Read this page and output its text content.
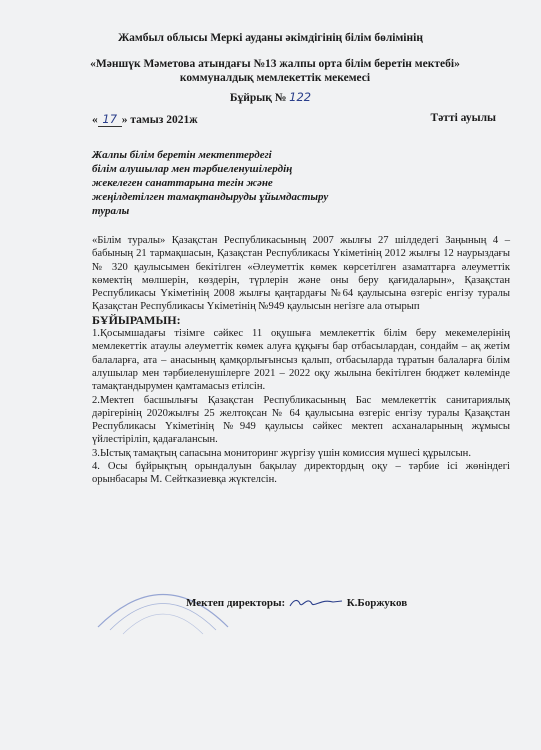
Жамбыл облысы Меркі ауданы әкімдігінің білім бөлімінің
«Мәншүк Мәметова атындағы №13 жалпы орта білім беретін мектебі»
коммуналдық мемлекеттік мекемесі
Бұйрық № 122
« 17 » тамыз 2021ж	Тәтті ауылы
Жалпы білім беретін мектептердегі
білім алушылар мен тәрбиеленушілердің
жекелеген санаттарына тегін және
жеңілдетілген тамақтандыруды ұйымдастыру
туралы

«Білім туралы» Қазақстан Республикасының 2007 жылғы 27 шілдедегі Заңының 4 – бабының 21 тармақшасын, Қазақстан Республикасы Үкіметінің 2012 жылғы 12 наурыздағы № 320 қаулысымен бекітілген «Әлеуметтік көмек көрсетілген азаматтарға әлеуметтік көмектің мөлшерін, көздерін, түрлерін және оны беру қағидаларын», Қазақстан Республикасы Үкіметінің 2008 жылғы қаңтардағы №64 қаулысына өзгеріс енгізу туралы Қазақстан Республикасы Үкіметінің №949 қаулысын негізге ала отырып

БҰЙЫРАМЫН:

1.Қосымшадағы тізімге сәйкес 11 оқушыға мемлекеттік білім беру мекемелерінің мемлекеттік атаулы әлеуметтік көмек алуға құқығы бар отбасылардан, сондайм – ақ жетім балаларға, ата – анасының қамқорлығынсыз қалып, отбасыларда тұратын балаларға білім алушылар мен тәрбиеленушілерге 2021 – 2022 оқу жылына бекітілген бюджет көлемінде тамақтандырумен қамтамасыз етілсін.

2.Мектеп басшылығы Қазақстан Республикасының Бас мемлекеттік санитариялық дәрігерінің 2020жылғы 25 желтоқсан № 64 қаулысына өзгеріс енгізу туралы Қазақстан Республикасы Үкіметінің №949 қаулысы сәйкес мектеп асханаларының жұмысы үйлестіріліп, қадағалансын.

3.Ыстық тамақтың сапасына мониторинг жүргізу үшін комиссия мүшесі құрылсын.

4. Осы бұйрықтың орындалуын бақылау директордың оқу – тәрбие ісі жөніндегі орынбасары М. Сейтказиевқа жүктелсін.

Мектеп директоры:	К.Боржуков
